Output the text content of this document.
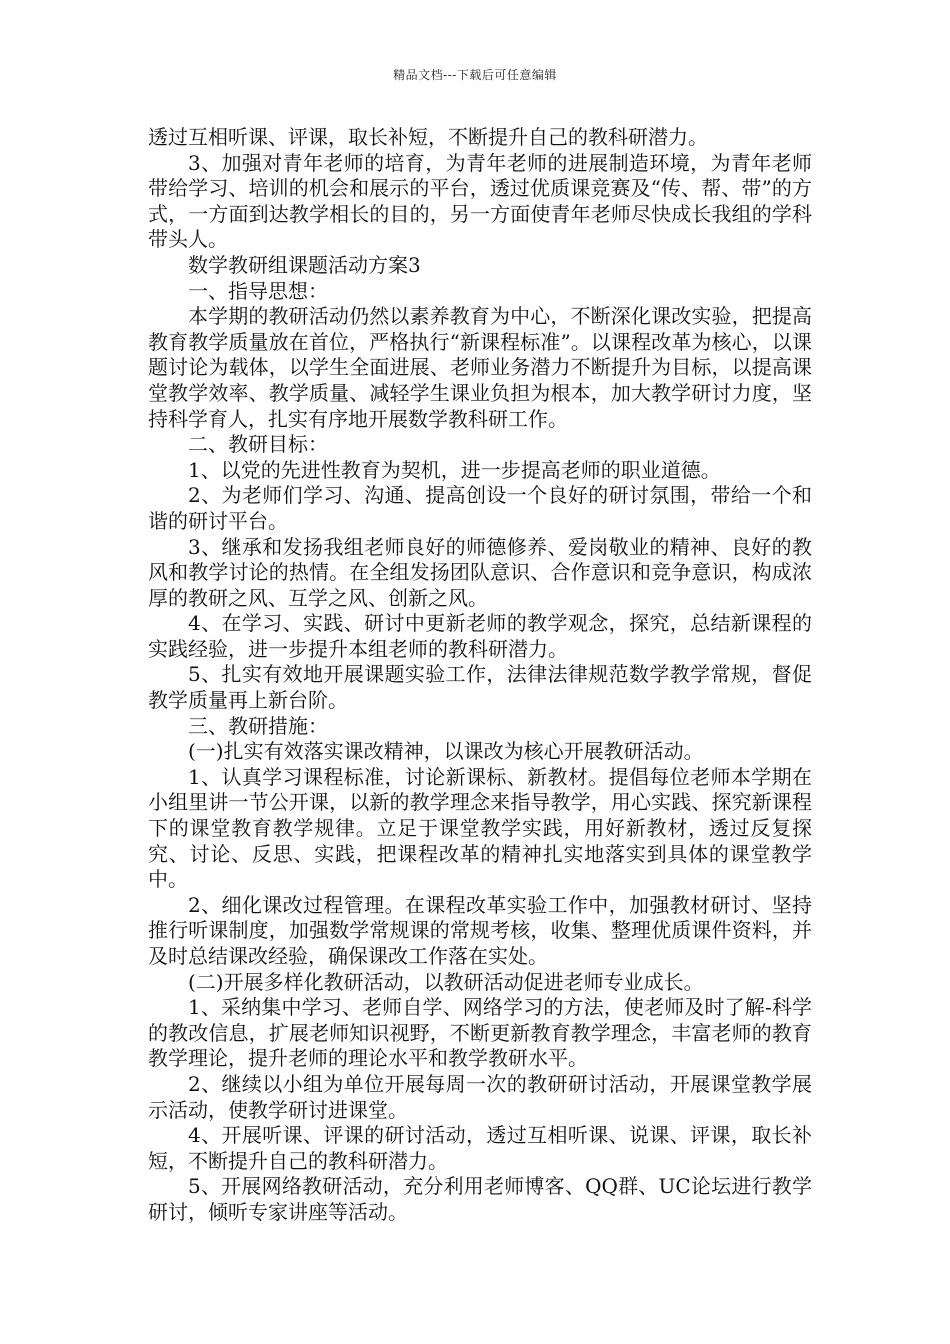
精品文档---下载后可任意编辑

透过互相听课、评课，取长补短，不断提升自己的教科研潜力。

3、加强对青年老师的培育，为青年老师的进展制造环境，为青年老师带给学习、培训的机会和展示的平台，透过优质课竞赛及“传、帮、带”的方式，一方面到达教学相长的目的，另一方面使青年老师尽快成长我组的学科带头人。

数学教研组课题活动方案3

一、指导思想：

本学期的教研活动仍然以素养教育为中心，不断深化课改实验，把提高教育教学质量放在首位，严格执行“新课程标准”。以课程改革为核心，以课题讨论为载体，以学生全面进展、老师业务潜力不断提升为目标，以提高课堂教学效率、教学质量、减轻学生课业负担为根本，加大教学研讨力度，坚持科学育人，扎实有序地开展数学教科研工作。

二、教研目标：

1、以党的先进性教育为契机，进一步提高老师的职业道德。

2、为老师们学习、沟通、提高创设一个良好的研讨氛围，带给一个和谐的研讨平台。

3、继承和发扬我组老师良好的师德修养、爱岗敬业的精神、良好的教风和教学讨论的热情。在全组发扬团队意识、合作意识和竞争意识，构成浓厚的教研之风、互学之风、创新之风。

4、在学习、实践、研讨中更新老师的教学观念，探究，总结新课程的实践经验，进一步提升本组老师的教科研潜力。

5、扎实有效地开展课题实验工作，法律法律规范数学教学常规，督促教学质量再上新台阶。

三、教研措施：

(一)扎实有效落实课改精神，以课改为核心开展教研活动。

1、认真学习课程标准，讨论新课标、新教材。提倡每位老师本学期在小组里讲一节公开课，以新的教学理念来指导教学，用心实践、探究新课程下的课堂教育教学规律。立足于课堂教学实践，用好新教材，透过反复探究、讨论、反思、实践，把课程改革的精神扎实地落实到具体的课堂教学中。

2、细化课改过程管理。在课程改革实验工作中，加强教材研讨、坚持推行听课制度，加强数学常规课的常规考核，收集、整理优质课件资料，并及时总结课改经验，确保课改工作落在实处。

(二)开展多样化教研活动，以教研活动促进老师专业成长。

1、采纳集中学习、老师自学、网络学习的方法，使老师及时了解-科学的教改信息，扩展老师知识视野，不断更新教育教学理念，丰富老师的教育教学理论，提升老师的理论水平和教学教研水平。

2、继续以小组为单位开展每周一次的教研研讨活动，开展课堂教学展示活动，使教学研讨进课堂。

4、开展听课、评课的研讨活动，透过互相听课、说课、评课，取长补短，不断提升自己的教科研潜力。

5、开展网络教研活动，充分利用老师博客、QQ群、UC论坛进行教学研讨，倾听专家讲座等活动。
